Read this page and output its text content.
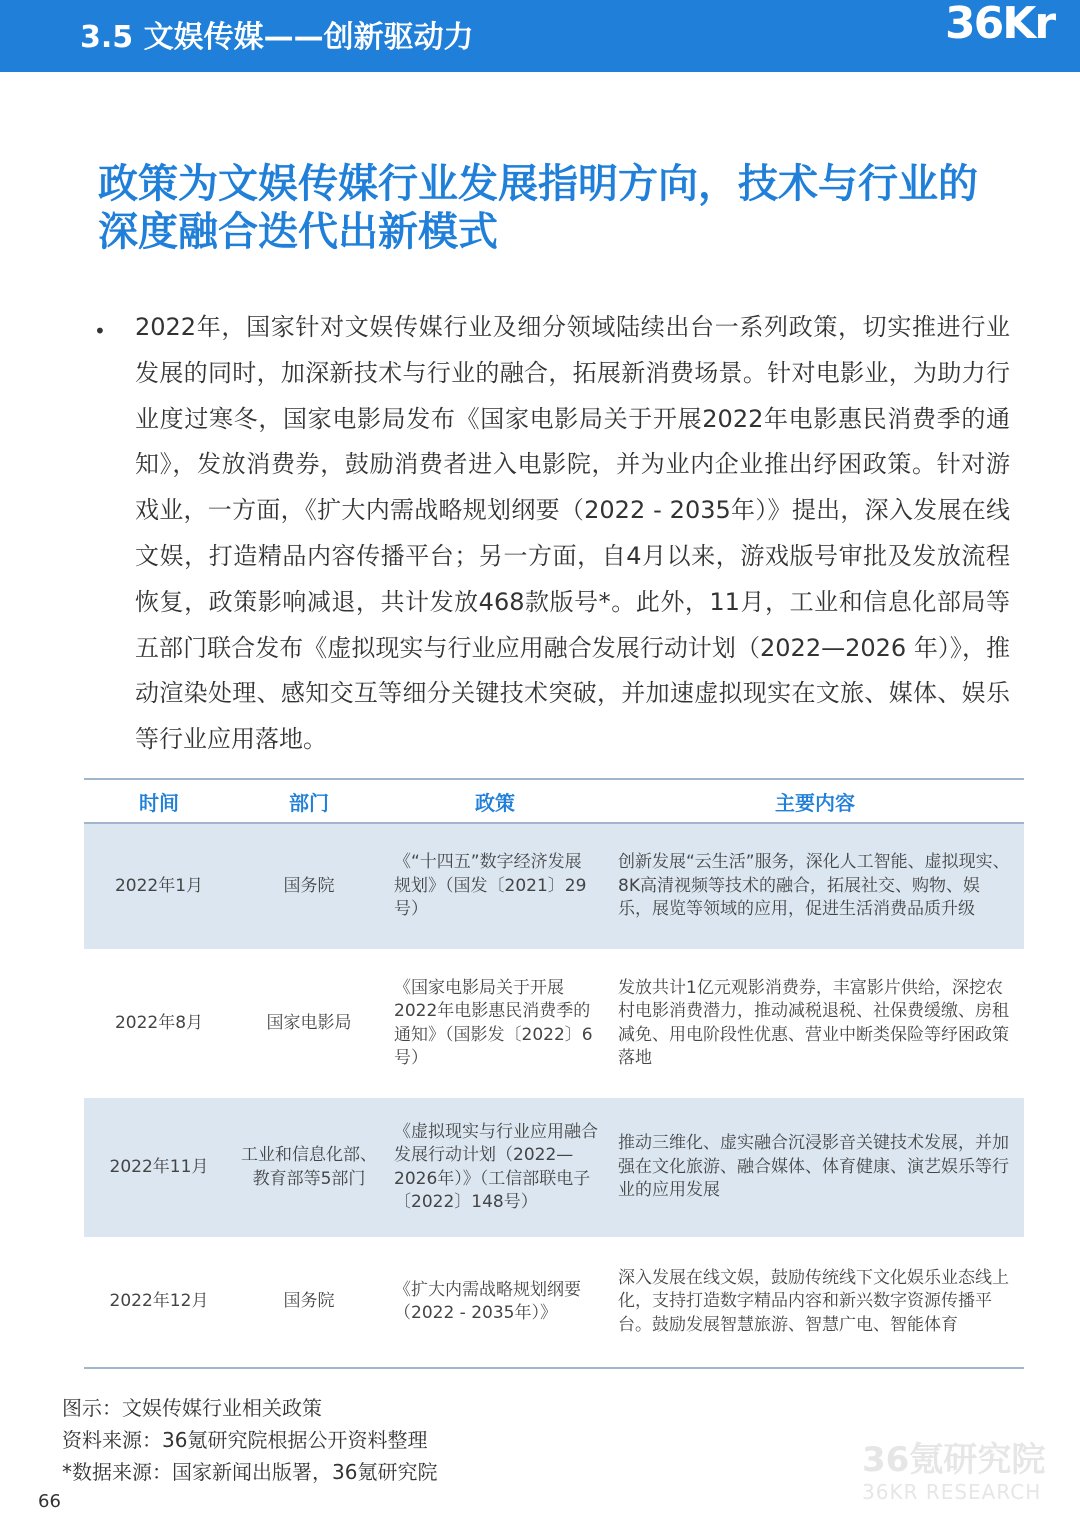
3.5 文娱传媒——创新驱动力	36Kr
政策为文娱传媒行业发展指明方向，技术与行业的深度融合迭代出新模式
• 2022年，国家针对文娱传媒行业及细分领域陆续出台一系列政策，切实推进行业发展的同时，加深新技术与行业的融合，拓展新消费场景。针对电影业，为助力行业度过寒冬，国家电影局发布《国家电影局关于开展2022年电影惠民消费季的通知》，发放消费券，鼓励消费者进入电影院，并为业内企业推出纾困政策。针对游戏业，一方面，《扩大内需战略规划纲要（2022 - 2035年）》提出，深入发展在线文娱，打造精品内容传播平台；另一方面，自4月以来，游戏版号审批及发放流程恢复，政策影响减退，共计发放468款版号*。此外，11月，工业和信息化部局等五部门联合发布《虚拟现实与行业应用融合发展行动计划（2022—2026 年）》，推动渲染处理、感知交互等细分关键技术突破，并加速虚拟现实在文旅、媒体、娱乐等行业应用落地。

时间	部门	政策	主要内容
2022年1月	国务院	《“十四五”数字经济发展规划》（国发〔2021〕29号）	创新发展“云生活”服务，深化人工智能、虚拟现实、8K高清视频等技术的融合，拓展社交、购物、娱乐，展览等领域的应用，促进生活消费品质升级
2022年8月	国家电影局	《国家电影局关于开展2022年电影惠民消费季的通知》（国影发〔2022〕6号）	发放共计1亿元观影消费券，丰富影片供给，深挖农村电影消费潜力，推动减税退税、社保费缓缴、房租减免、用电阶段性优惠、营业中断类保险等纾困政策落地
2022年11月	工业和信息化部、教育部等5部门	《虚拟现实与行业应用融合发展行动计划（2022—2026年）》（工信部联电子〔2022〕148号）	推动三维化、虚实融合沉浸影音关键技术发展，并加强在文化旅游、融合媒体、体育健康、演艺娱乐等行业的应用发展
2022年12月	国务院	《扩大内需战略规划纲要（2022 - 2035年）》	深入发展在线文娱，鼓励传统线下文化娱乐业态线上化，支持打造数字精品内容和新兴数字资源传播平台。鼓励发展智慧旅游、智慧广电、智能体育
图示：文娱传媒行业相关政策
资料来源：36氪研究院根据公开资料整理
*数据来源：国家新闻出版署，36氪研究院
66
36氪研究院
36KR RESEARCH
